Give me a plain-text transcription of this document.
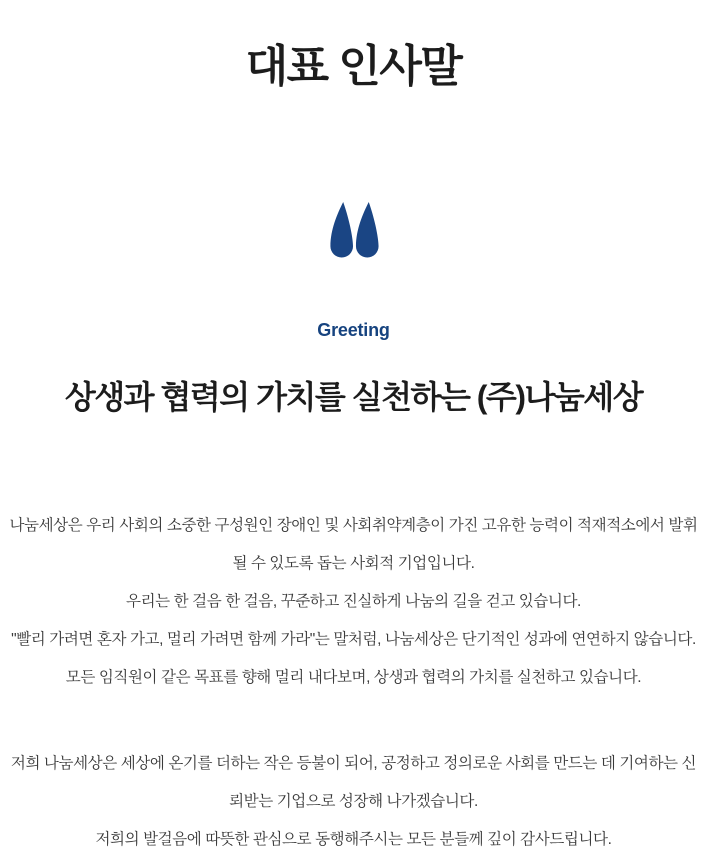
대표 인사말
Greeting
상생과 협력의 가치를 실천하는 (주)나눔세상

나눔세상은 우리 사회의 소중한 구성원인 장애인 및 사회취약계층이 가진 고유한 능력이 적재적소에서 발휘될 수 있도록 돕는 사회적 기업입니다.

우리는 한 걸음 한 걸음, 꾸준하고 진실하게 나눔의 길을 걷고 있습니다.

"빨리 가려면 혼자 가고, 멀리 가려면 함께 가라"는 말처럼, 나눔세상은 단기적인 성과에 연연하지 않습니다.

모든 임직원이 같은 목표를 향해 멀리 내다보며, 상생과 협력의 가치를 실천하고 있습니다.

저희 나눔세상은 세상에 온기를 더하는 작은 등불이 되어, 공정하고 정의로운 사회를 만드는 데 기여하는 신뢰받는 기업으로 성장해 나가겠습니다.

저희의 발걸음에 따뜻한 관심으로 동행해주시는 모든 분들께 깊이 감사드립니다.
